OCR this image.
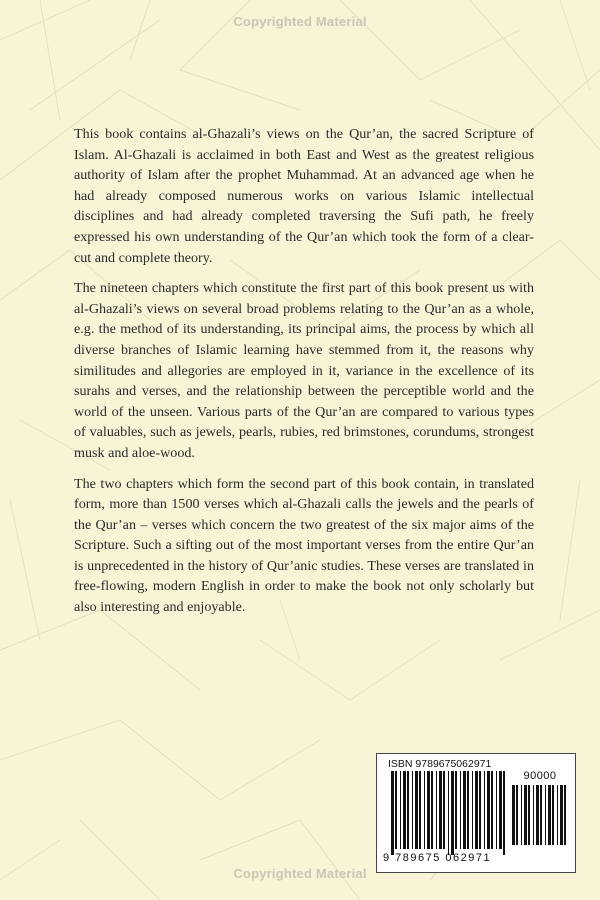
Copyrighted Material

This book contains al-Ghazali’s views on the Qur’an, the sacred Scripture of Islam. Al-Ghazali is acclaimed in both East and West as the greatest religious authority of Islam after the prophet Muhammad. At an advanced age when he had already composed numerous works on various Islamic intellectual disciplines and had already completed traversing the Sufi path, he freely expressed his own understanding of the Qur’an which took the form of a clear-cut and complete theory.

The nineteen chapters which constitute the first part of this book present us with al-Ghazali’s views on several broad problems relating to the Qur’an as a whole, e.g. the method of its understanding, its principal aims, the process by which all diverse branches of Islamic learning have stemmed from it, the reasons why similitudes and allegories are employed in it, variance in the excellence of its surahs and verses, and the relationship between the perceptible world and the world of the unseen. Various parts of the Qur’an are compared to various types of valuables, such as jewels, pearls, rubies, red brimstones, corundums, strongest musk and aloe-wood.

The two chapters which form the second part of this book contain, in translated form, more than 1500 verses which al-Ghazali calls the jewels and the pearls of the Qur’an – verses which concern the two greatest of the six major aims of the Scripture. Such a sifting out of the most important verses from the entire Qur’an is unprecedented in the history of Qur’anic studies. These verses are translated in free-flowing, modern English in order to make the book not only scholarly but also interesting and enjoyable.

ISBN 9789675062971
90000
9 789675 062971
Copyrighted Material
